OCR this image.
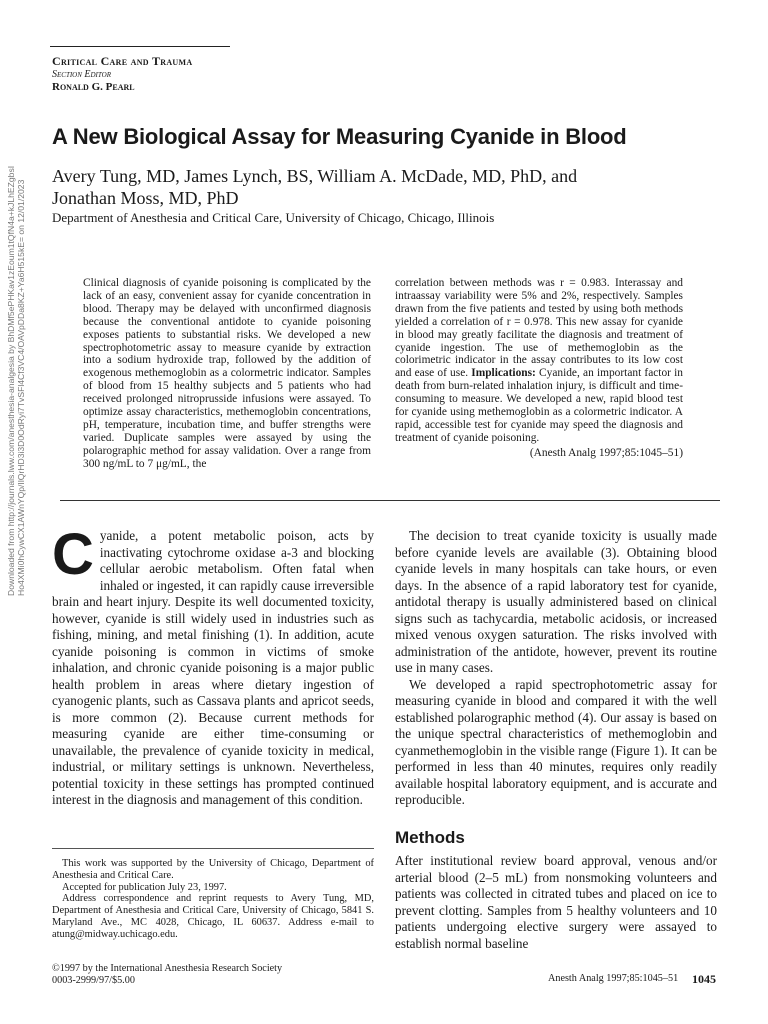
Critical Care and Trauma
Section Editor
Ronald G. Pearl
A New Biological Assay for Measuring Cyanide in Blood
Avery Tung, MD, James Lynch, BS, William A. McDade, MD, PhD, and
Jonathan Moss, MD, PhD
Department of Anesthesia and Critical Care, University of Chicago, Chicago, Illinois
Downloaded from http://journals.lww.com/anesthesia-analgesia by BhDMf5ePHKav1zEoum1tQfN4a+kJLhEZgbsI Ho4XMi0hCywCX1AWnYQp/IlQrHD3i3D0OdRyi7TvSFl4Cf3VC4/OAVpDDa8KZ+Ya6H515kE= on 12/01/2023	Clinical diagnosis of cyanide poisoning is complicated by the lack of an easy, convenient assay for cyanide concentration in blood. Therapy may be delayed with unconfirmed diagnosis because the conventional antidote to cyanide poisoning exposes patients to substantial risks. We developed a new spectrophotometric assay to measure cyanide by extraction into a sodium hydroxide trap, followed by the addition of exogenous methemoglobin as a colormetric indicator. Samples of blood from 15 healthy subjects and 5 patients who had received prolonged nitroprusside infusions were assayed. To optimize assay characteristics, methemoglobin concentrations, pH, temperature, incubation time, and buffer strengths were varied. Duplicate samples were assayed by using the polarographic method for assay validation. Over a range from 300 ng/mL to 7 μg/mL, the
correlation between methods was r = 0.983. Interassay and intraassay variability were 5% and 2%, respectively. Samples drawn from the five patients and tested by using both methods yielded a correlation of r = 0.978. This new assay for cyanide in blood may greatly facilitate the diagnosis and treatment of cyanide ingestion. The use of methemoglobin as the colorimetric indicator in the assay contributes to its low cost and ease of use. Implications: Cyanide, an important factor in death from burn-related inhalation injury, is difficult and time-consuming to measure. We developed a new, rapid blood test for cyanide using methemoglobin as a colormetric indicator. A rapid, accessible test for cyanide may speed the diagnosis and treatment of cyanide poisoning.
(Anesth Analg 1997;85:1045–51)

Cyanide, a potent metabolic poison, acts by inactivating cytochrome oxidase a-3 and blocking cellular aerobic metabolism. Often fatal when inhaled or ingested, it can rapidly cause irreversible brain and heart injury. Despite its well documented toxicity, however, cyanide is still widely used in industries such as fishing, mining, and metal finishing (1). In addition, acute cyanide poisoning is common in victims of smoke inhalation, and chronic cyanide poisoning is a major public health problem in areas where dietary ingestion of cyanogenic plants, such as Cassava plants and apricot seeds, is more common (2). Because current methods for measuring cyanide are either time-consuming or unavailable, the prevalence of cyanide toxicity in medical, industrial, or military settings is unknown. Nevertheless, potential toxicity in these settings has prompted continued interest in the diagnosis and management of this condition.

The decision to treat cyanide toxicity is usually made before cyanide levels are available (3). Obtaining blood cyanide levels in many hospitals can take hours, or even days. In the absence of a rapid laboratory test for cyanide, antidotal therapy is usually administered based on clinical signs such as tachycardia, metabolic acidosis, or increased mixed venous oxygen saturation. The risks involved with administration of the antidote, however, prevent its routine use in many cases.

We developed a rapid spectrophotometric assay for measuring cyanide in blood and compared it with the well established polarographic method (4). Our assay is based on the unique spectral characteristics of methemoglobin and cyanmethemoglobin in the visible range (Figure 1). It can be performed in less than 40 minutes, requires only readily available hospital laboratory equipment, and is accurate and reproducible.

Methods
After institutional review board approval, venous and/or arterial blood (2–5 mL) from nonsmoking volunteers and patients was collected in citrated tubes and placed on ice to prevent clotting. Samples from 5 healthy volunteers and 10 patients undergoing elective surgery were assayed to establish normal baseline

This work was supported by the University of Chicago, Department of Anesthesia and Critical Care.

Accepted for publication July 23, 1997.

Address correspondence and reprint requests to Avery Tung, MD, Department of Anesthesia and Critical Care, University of Chicago, 5841 S. Maryland Ave., MC 4028, Chicago, IL 60637. Address e-mail to atung@midway.uchicago.edu.

©1997 by the International Anesthesia Research Society
0003-2999/97/$5.00	Anesth Analg 1997;85:1045–51 1045
